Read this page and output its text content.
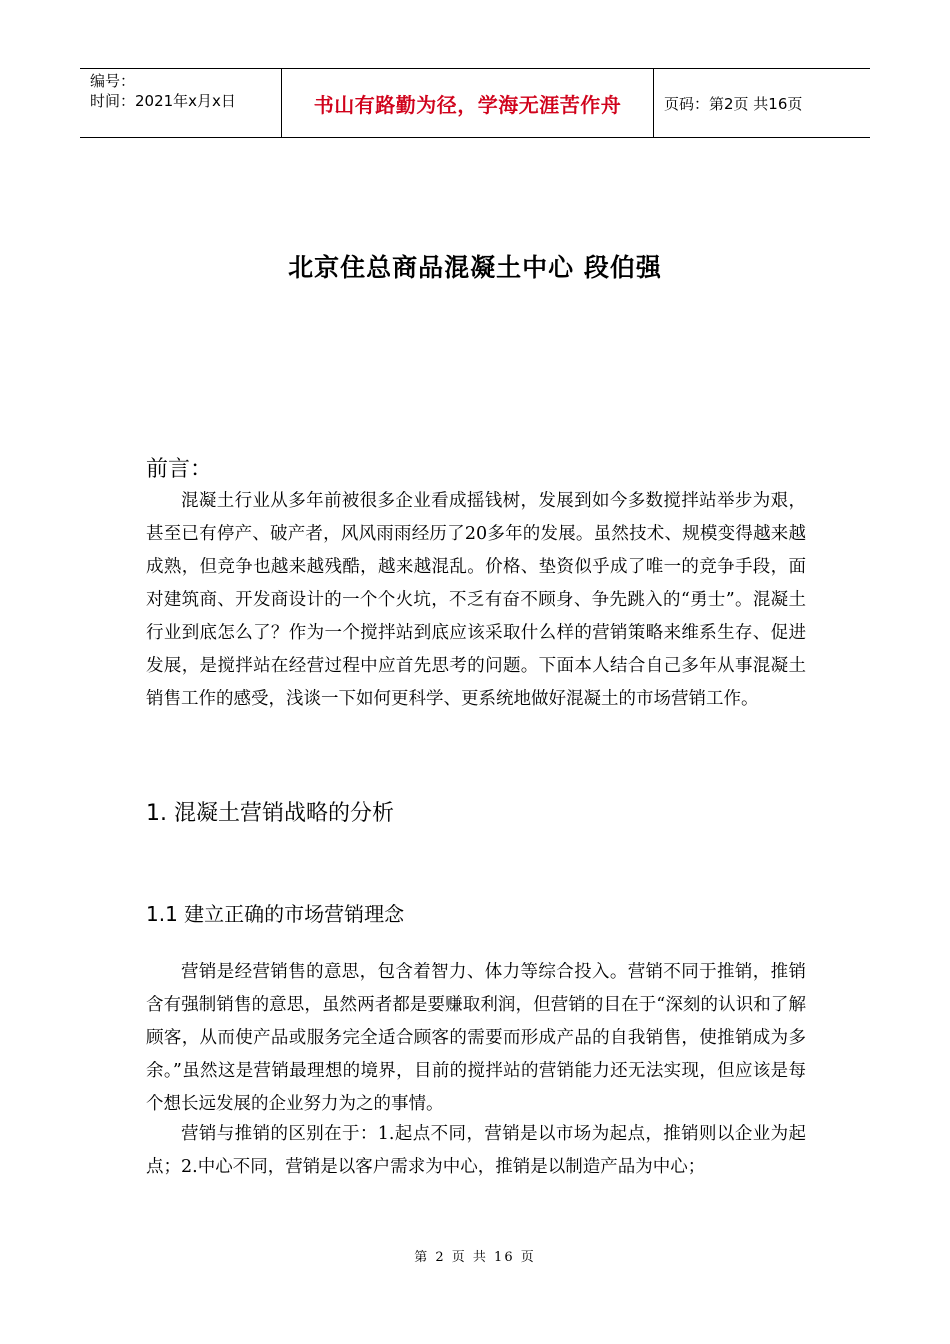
编号：
时间：2021年x月x日	书山有路勤为径，学海无涯苦作舟	页码：第2页 共16页
北京住总商品混凝土中心 段伯强
前言：

混凝土行业从多年前被很多企业看成摇钱树，发展到如今多数搅拌站举步为艰，甚至已有停产、破产者，风风雨雨经历了20多年的发展。虽然技术、规模变得越来越成熟，但竞争也越来越残酷，越来越混乱。价格、垫资似乎成了唯一的竞争手段，面对建筑商、开发商设计的一个个火坑，不乏有奋不顾身、争先跳入的“勇士”。混凝土行业到底怎么了？作为一个搅拌站到底应该采取什么样的营销策略来维系生存、促进发展，是搅拌站在经营过程中应首先思考的问题。下面本人结合自己多年从事混凝土销售工作的感受，浅谈一下如何更科学、更系统地做好混凝土的市场营销工作。

1. 混凝土营销战略的分析
1.1 建立正确的市场营销理念

营销是经营销售的意思，包含着智力、体力等综合投入。营销不同于推销，推销含有强制销售的意思，虽然两者都是要赚取利润，但营销的目在于“深刻的认识和了解顾客，从而使产品或服务完全适合顾客的需要而形成产品的自我销售，使推销成为多余。”虽然这是营销最理想的境界，目前的搅拌站的营销能力还无法实现，但应该是每个想长远发展的企业努力为之的事情。

营销与推销的区别在于：1.起点不同，营销是以市场为起点，推销则以企业为起点；2.中心不同，营销是以客户需求为中心，推销是以制造产品为中心；

第 2 页 共 16 页
